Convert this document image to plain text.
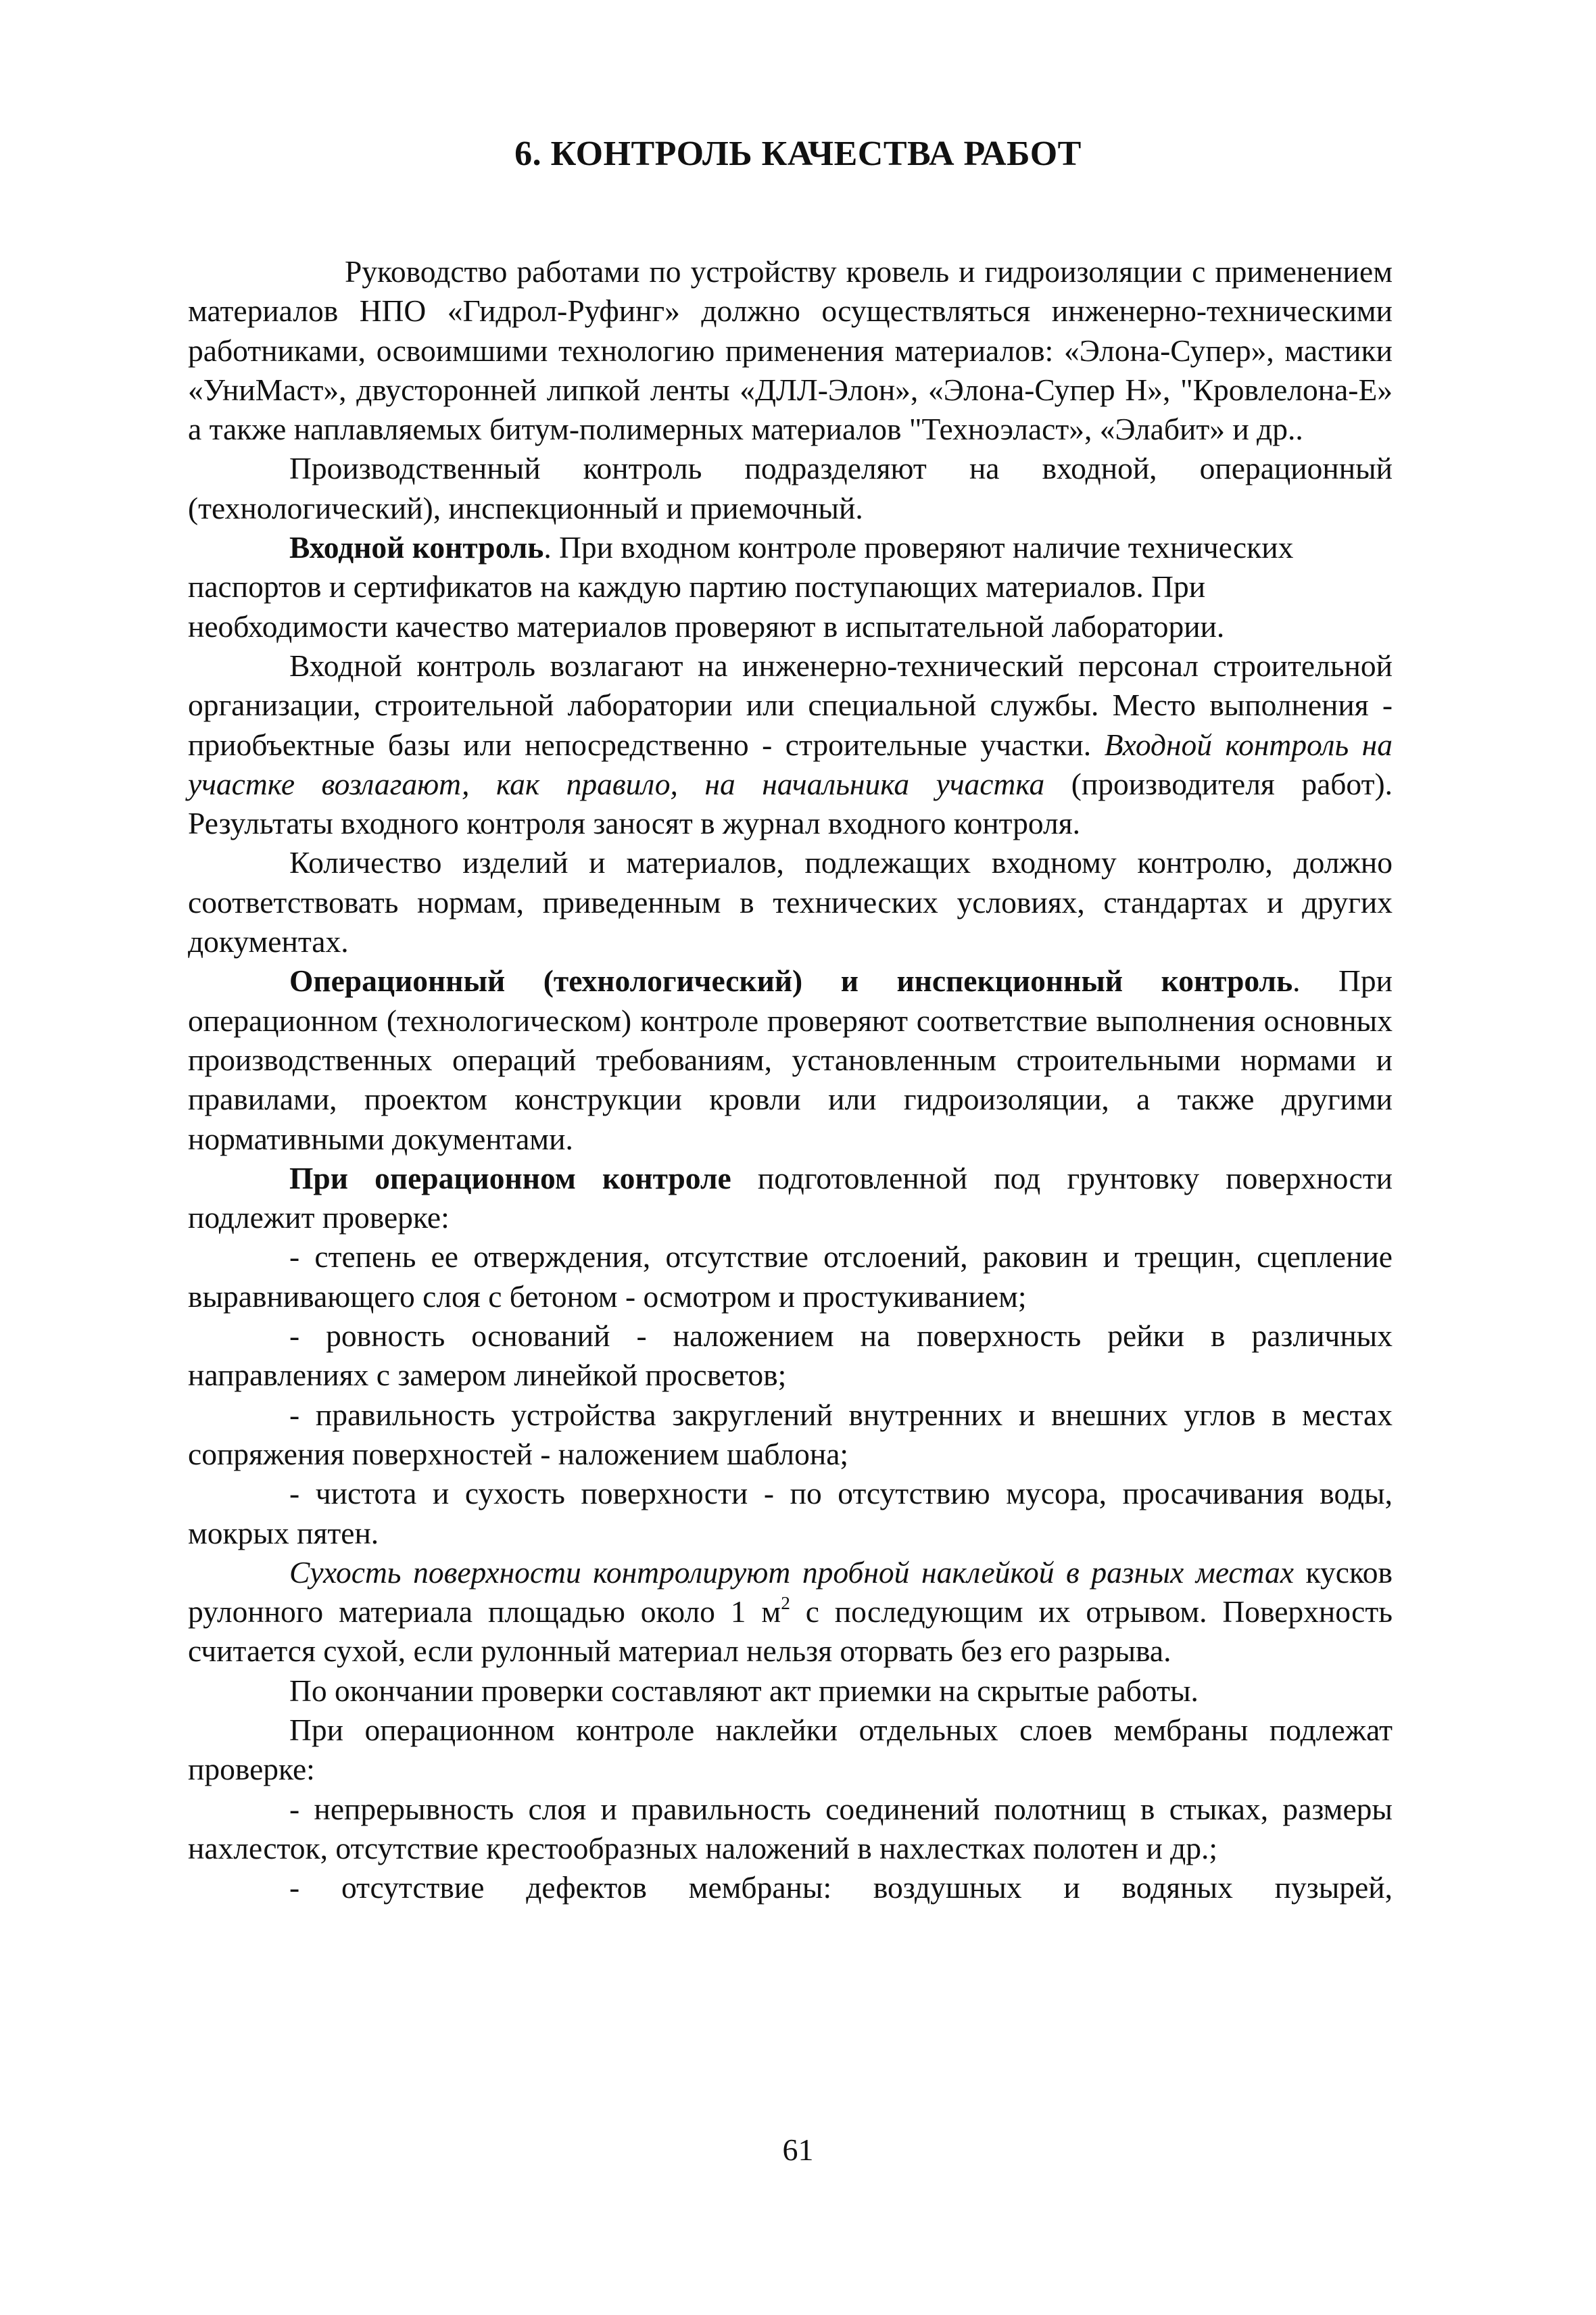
6. КОНТРОЛЬ КАЧЕСТВА РАБОТ

Руководство работами по устройству кровель и гидроизоляции с применением материалов НПО «Гидрол-Руфинг» должно осуществляться инженерно-техническими работниками, освоимшими технологию применения материалов: «Элона-Супер», мастики «УниМаст», двусторонней липкой ленты «ДЛЛ-Элон», «Элона-Супер Н», "Кровлелона-Е» а также наплавляемых битум-полимерных материалов "Техноэласт», «Элабит» и др..

Производственный контроль подразделяют на входной, операционный (технологический), инспекционный и приемочный.

Входной контроль. При входном контроле проверяют наличие технических паспортов и сертификатов на каждую партию поступающих материалов. При необходимости качество материалов проверяют в испытательной лаборатории.

Входной контроль возлагают на инженерно-технический персонал строительной организации, строительной лаборатории или специальной службы. Место выполнения - приобъектные базы или непосредственно - строительные участки. Входной контроль на участке возлагают, как правило, на начальника участка (производителя работ). Результаты входного контроля заносят в журнал входного контроля.

Количество изделий и материалов, подлежащих входному контролю, должно соответствовать нормам, приведенным в технических условиях, стандартах и других документах.

Операционный (технологический) и инспекционный контроль. При операционном (технологическом) контроле проверяют соответствие выполнения основных производственных операций требованиям, установленным строительными нормами и правилами, проектом конструкции кровли или гидроизоляции, а также другими нормативными документами.

При операционном контроле подготовленной под грунтовку поверхности подлежит проверке:

- степень ее отверждения, отсутствие отслоений, раковин и трещин, сцепление выравнивающего слоя с бетоном - осмотром и простукиванием;

- ровность оснований - наложением на поверхность рейки в различных направлениях с замером линейкой просветов;

- правильность устройства закруглений внутренних и внешних углов в местах сопряжения поверхностей - наложением шаблона;

- чистота и сухость поверхности - по отсутствию мусора, просачивания воды, мокрых пятен.

Сухость поверхности контролируют пробной наклейкой в разных местах кусков рулонного материала площадью около 1 $м^2$ с последующим их отрывом. Поверхность считается сухой, если рулонный материал нельзя оторвать без его разрыва.

По окончании проверки составляют акт приемки на скрытые работы.

При операционном контроле наклейки отдельных слоев мембраны подлежат проверке:

- непрерывность слоя и правильность соединений полотнищ в стыках, размеры нахлесток, отсутствие крестообразных наложений в нахлестках полотен и др.;

- отсутствие дефектов мембраны: воздушных и водяных пузырей,

61
